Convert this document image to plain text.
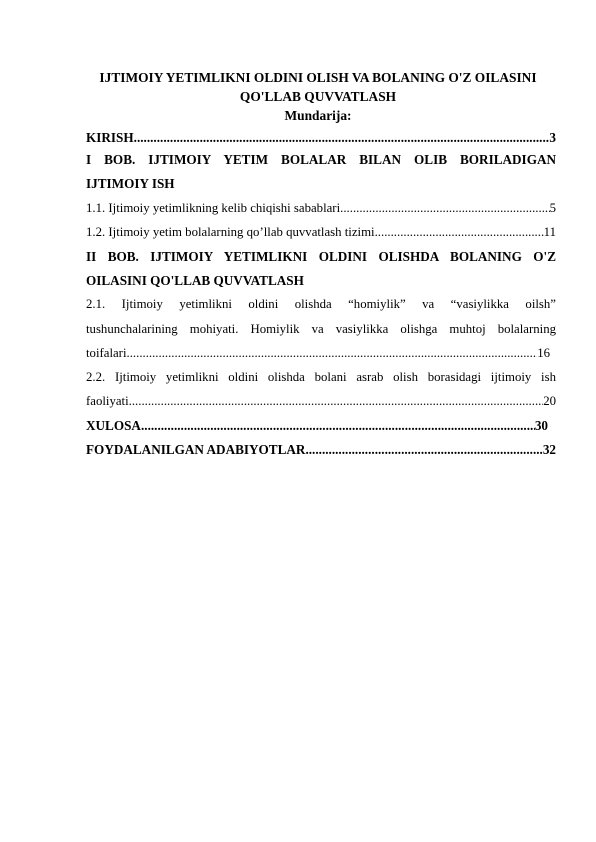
IJTIMOIY YETIMLIKNI OLDINI OLISH VA BOLANING O'Z OILASINI
QO'LLAB QUVVATLASH
Mundarija:
KIRISH .....	3
I BOB. IJTIMOIY YETIM BOLALAR BILAN OLIB BORILADIGAN
IJTIMOIY ISH
1.1. Ijtimoiy yetimlikning kelib chiqishi sabablari .....	5
1.2. Ijtimoiy yetim bolalarning qo’llab quvvatlash tizimi .....	11
II BOB. IJTIMOIY YETIMLIKNI OLDINI OLISHDA BOLANING O'Z
OILASINI QO'LLAB QUVVATLASH
2.1. Ijtimoiy yetimlikni oldini olishda “homiylik” va “vasiylikka oilsh”
tushunchalarining mohiyati. Homiylik va vasiylikka olishga muhtoj bolalarning
toifalari .....	16
2.2. Ijtimoiy yetimlikni oldini olishda bolani asrab olish borasidagi ijtimoiy ish
faoliyati .....	20
XULOSA .....	30
FOYDALANILGAN ADABIYOTLAR .....	32
